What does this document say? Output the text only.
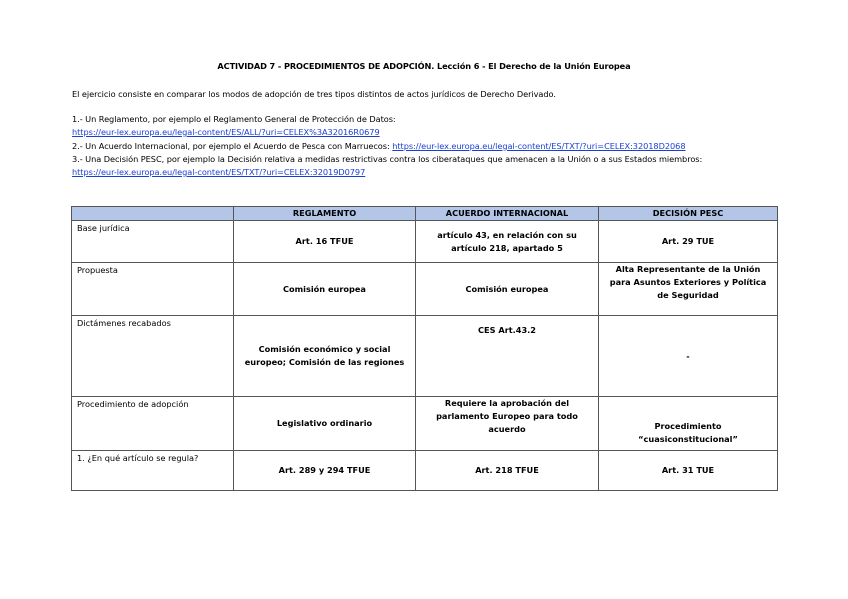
ACTIVIDAD 7 - PROCEDIMIENTOS DE ADOPCIÓN. Lección 6 - El Derecho de la Unión Europea
El ejercicio consiste en comparar los modos de adopción de tres tipos distintos de actos jurídicos de Derecho Derivado.
1.- Un Reglamento, por ejemplo el Reglamento General de Protección de Datos:
https://eur-lex.europa.eu/legal-content/ES/ALL/?uri=CELEX%3A32016R0679
2.- Un Acuerdo Internacional, por ejemplo el Acuerdo de Pesca con Marruecos: https://eur-lex.europa.eu/legal-content/ES/TXT/?uri=CELEX:32018D2068
3.- Una Decisión PESC, por ejemplo la Decisión relativa a medidas restrictivas contra los ciberataques que amenacen a la Unión o a sus Estados miembros:
https://eur-lex.europa.eu/legal-content/ES/TXT/?uri=CELEX:32019D0797
	REGLAMENTO	ACUERDO INTERNACIONAL	DECISIÓN PESC
Base jurídica	Art. 16 TFUE	artículo 43, en relación con su artículo 218, apartado 5	Art. 29 TUE
Propuesta	Comisión europea	Comisión europea	Alta Representante de la Unión para Asuntos Exteriores y Política de Seguridad
Dictámenes recabados	Comisión económico y social europeo; Comisión de las regiones	CES Art.43.2	-
Procedimiento de adopción	Legislativo ordinario	Requiere la aprobación del parlamento Europeo para todo acuerdo	Procedimiento “cuasiconstitucional”
1. ¿En qué artículo se regula?	Art. 289 y 294 TFUE	Art. 218 TFUE	Art. 31 TUE
